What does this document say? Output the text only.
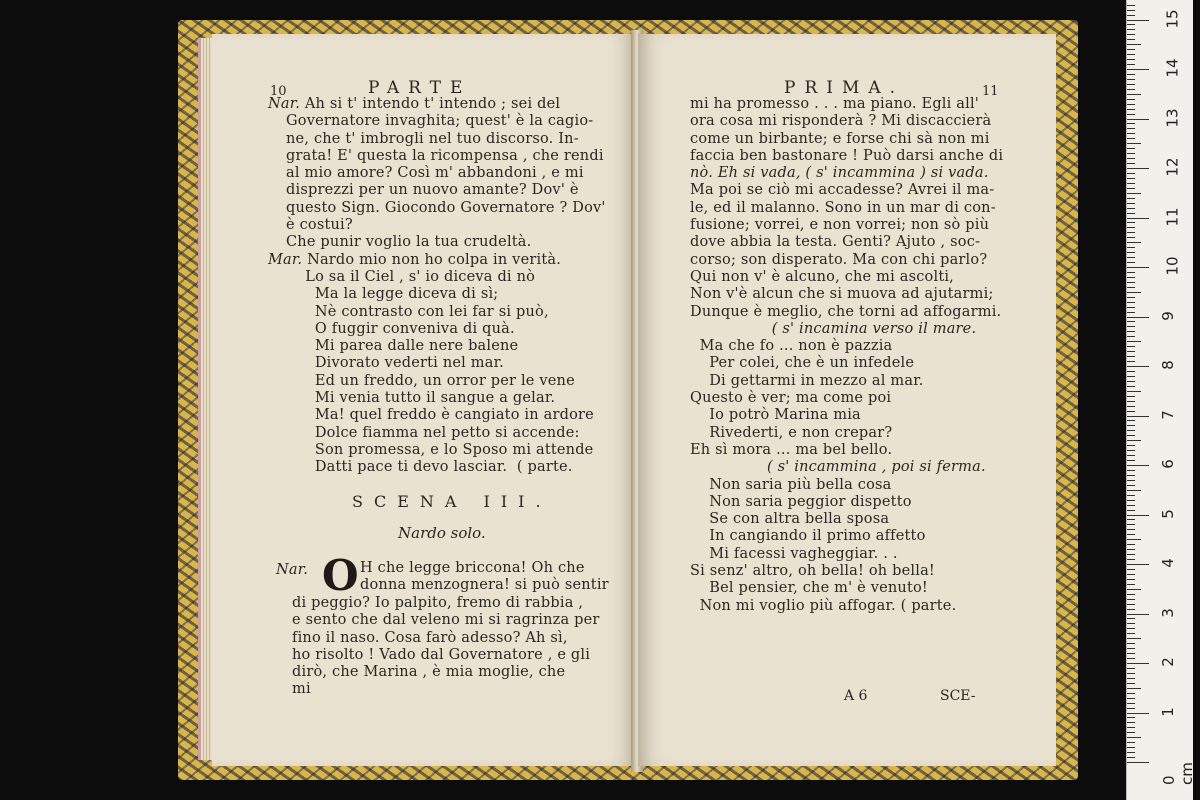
10	PARTE
Nar. Ah si t' intendo t' intendo ; sei del
Governatore invaghita; quest' è la cagio-
ne, che t' imbrogli nel tuo discorso. In-
grata! E' questa la ricompensa , che rendi
al mio amore? Così m' abbandoni , e mi
disprezzi per un nuovo amante? Dov' è
questo Sign. Giocondo Governatore ? Dov'
è costui?
Che punir voglio la tua crudeltà.
Mar. Nardo mio non ho colpa in verità.
Lo sa il Ciel , s' io diceva di nò
Ma la legge diceva di sì;
Nè contrasto con lei far si può,
O fuggir conveniva di quà.
Mi parea dalle nere balene
Divorato vederti nel mar.
Ed un freddo, un orror per le vene
Mi venia tutto il sangue a gelar.
Ma! quel freddo è cangiato in ardore
Dolce fiamma nel petto si accende:
Son promessa, e lo Sposo mi attende
Datti pace ti devo lasciar.  ( parte.
SCENA III.
Nardo solo.
Nar. O H che legge briccona! Oh che
donna menzognera! si può sentir
di peggio? Io palpito, fremo di rabbia ,
e sento che dal veleno mi si ragrinza per
fino il naso. Cosa farò adesso? Ah sì,
ho risolto ! Vado dal Governatore , e gli
dirò, che Marina , è mia moglie, che
mi
PRIMA.	11
mi ha promesso . . . ma piano. Egli all'
ora cosa mi risponderà ? Mi discaccierà
come un birbante; e forse chi sà non mi
faccia ben bastonare ! Può darsi anche di
nò. Eh si vada, ( s' incammina ) si vada.
Ma poi se ciò mi accadesse? Avrei il ma-
le, ed il malanno. Sono in un mar di con-
fusione; vorrei, e non vorrei; non sò più
dove abbia la testa. Genti? Ajuto , soc-
corso; son disperato. Ma con chi parlo?
Qui non v' è alcuno, che mi ascolti,
Non v'è alcun che si muova ad ajutarmi;
Dunque è meglio, che torni ad affogarmi.
( s' incamina verso il mare.
Ma che fo ... non è pazzia
Per colei, che è un infedele
Di gettarmi in mezzo al mar.
Questo è ver; ma come poi
Io potrò Marina mia
Rivederti, e non crepar?
Eh sì mora ... ma bel bello.
( s' incammina , poi si ferma.
Non saria più bella cosa
Non saria peggior dispetto
Se con altra bella sposa
In cangiando il primo affetto
Mi facessi vagheggiar. . .
Si senz' altro, oh bella! oh bella!
Bel pensier, che m' è venuto!
Non mi voglio più affogar. ( parte.
A 6	SCE-
0 cm
1
2
3
4
5
6
7
8
9
10
11
12
13
14
15
